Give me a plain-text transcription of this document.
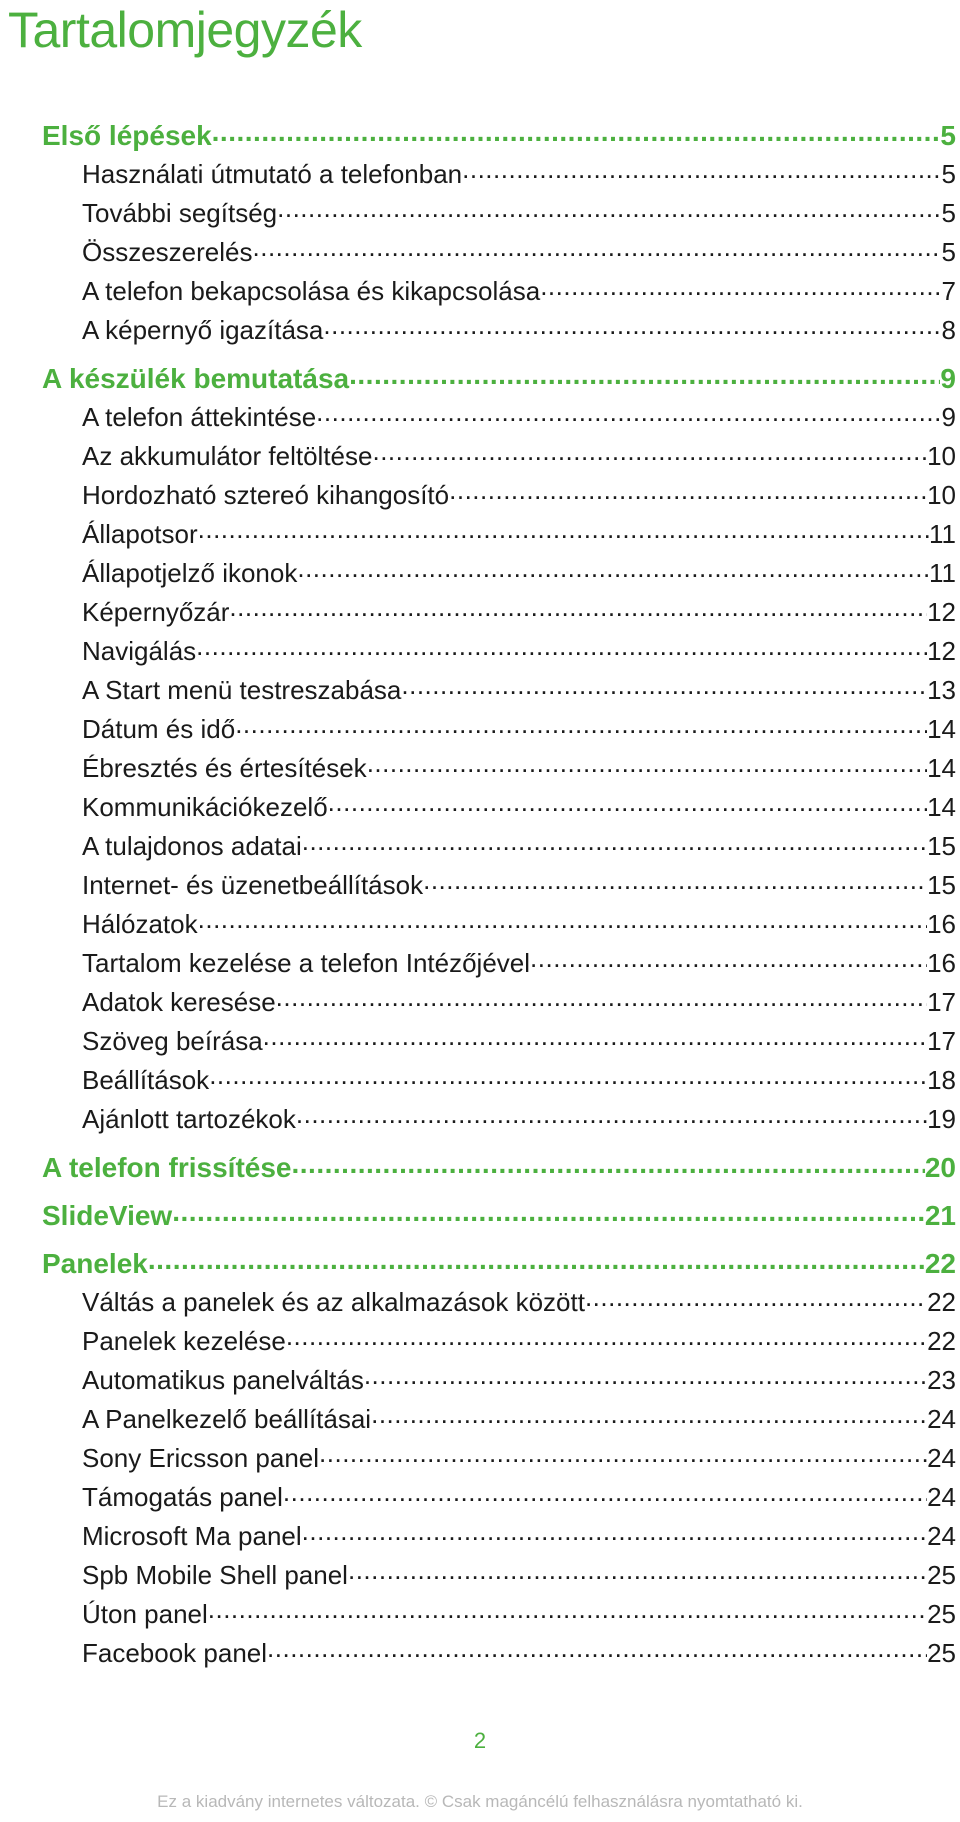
Tartalomjegyzék
Első lépések .....	5
Használati útmutató a telefonban .....	5
További segítség .....	5
Összeszerelés .....	5
A telefon bekapcsolása és kikapcsolása .....	7
A képernyő igazítása .....	8
A készülék bemutatása .....	9
A telefon áttekintése .....	9
Az akkumulátor feltöltése .....	10
Hordozható sztereó kihangosító .....	10
Állapotsor .....	11
Állapotjelző ikonok .....	11
Képernyőzár .....	12
Navigálás .....	12
A Start menü testreszabása .....	13
Dátum és idő .....	14
Ébresztés és értesítések .....	14
Kommunikációkezelő .....	14
A tulajdonos adatai .....	15
Internet- és üzenetbeállítások .....	15
Hálózatok .....	16
Tartalom kezelése a telefon Intézőjével .....	16
Adatok keresése .....	17
Szöveg beírása .....	17
Beállítások .....	18
Ajánlott tartozékok .....	19
A telefon frissítése .....	20
SlideView .....	21
Panelek .....	22
Váltás a panelek és az alkalmazások között .....	22
Panelek kezelése .....	22
Automatikus panelváltás .....	23
A Panelkezelő beállításai .....	24
Sony Ericsson panel .....	24
Támogatás panel .....	24
Microsoft Ma panel .....	24
Spb Mobile Shell panel .....	25
Úton panel .....	25
Facebook panel .....	25
2
Ez a kiadvány internetes változata. © Csak magáncélú felhasználásra nyomtatható ki.
